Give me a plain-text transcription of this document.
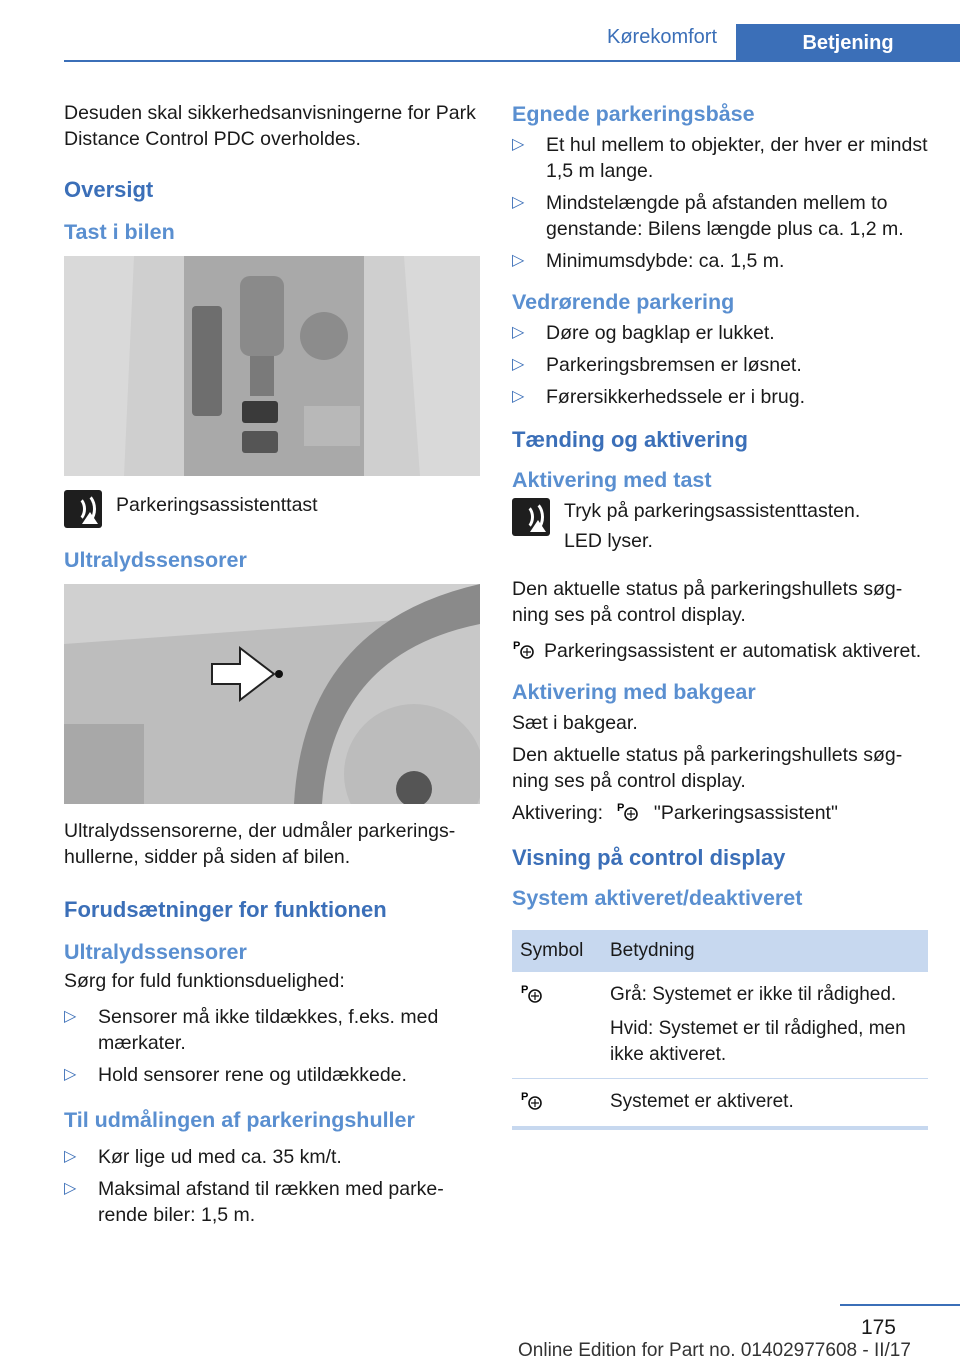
Kørekomfort	Betjening

Desuden skal sikkerhedsanvisningerne for Park Distance Control PDC overholdes.

Oversigt
Tast i bilen

Parkeringsassistenttast

Ultralydssensorer

Ultralydssensorerne, der udmåler parkeringshullerne, sidder på siden af bilen.

Forudsætninger for funktionen
Ultralydssensorer

Sørg for fuld funktionsduelighed:

▷ Sensorer må ikke tildækkes, f.eks. med mærkater.
▷ Hold sensorer rene og utildækkede.
Til udmålingen af parkeringshuller
▷ Kør lige ud med ca. 35 km/t.
▷ Maksimal afstand til rækken med parkerende biler: 1,5 m.
Egnede parkeringsbåse
▷ Et hul mellem to objekter, der hver er mindst 1,5 m lange.
▷ Mindstelængde på afstanden mellem to genstande: Bilens længde plus ca. 1,2 m.
▷ Minimumsdybde: ca. 1,5 m.
Vedrørende parkering
▷ Døre og bagklap er lukket.
▷ Parkeringsbremsen er løsnet.
▷ Førersikkerhedssele er i brug.
Tænding og aktivering
Aktivering med tast

Tryk på parkeringsassistenttasten.

LED lyser.

Den aktuelle status på parkeringshullets søgning ses på control display.

P Parkeringsassistent er automatisk aktiveret.

Aktivering med bakgear

Sæt i bakgear.

Den aktuelle status på parkeringshullets søgning ses på control display.

Aktivering: P "Parkeringsassistent"

Visning på control display
System aktiveret/deaktiveret
Symbol	Betydning

P	Grå: Systemet er ikke til rådighed.
Hvid: Systemet er til rådighed, men ikke aktiveret.

P	Systemet er aktiveret.
175
Online Edition for Part no. 01402977608 - II/17
